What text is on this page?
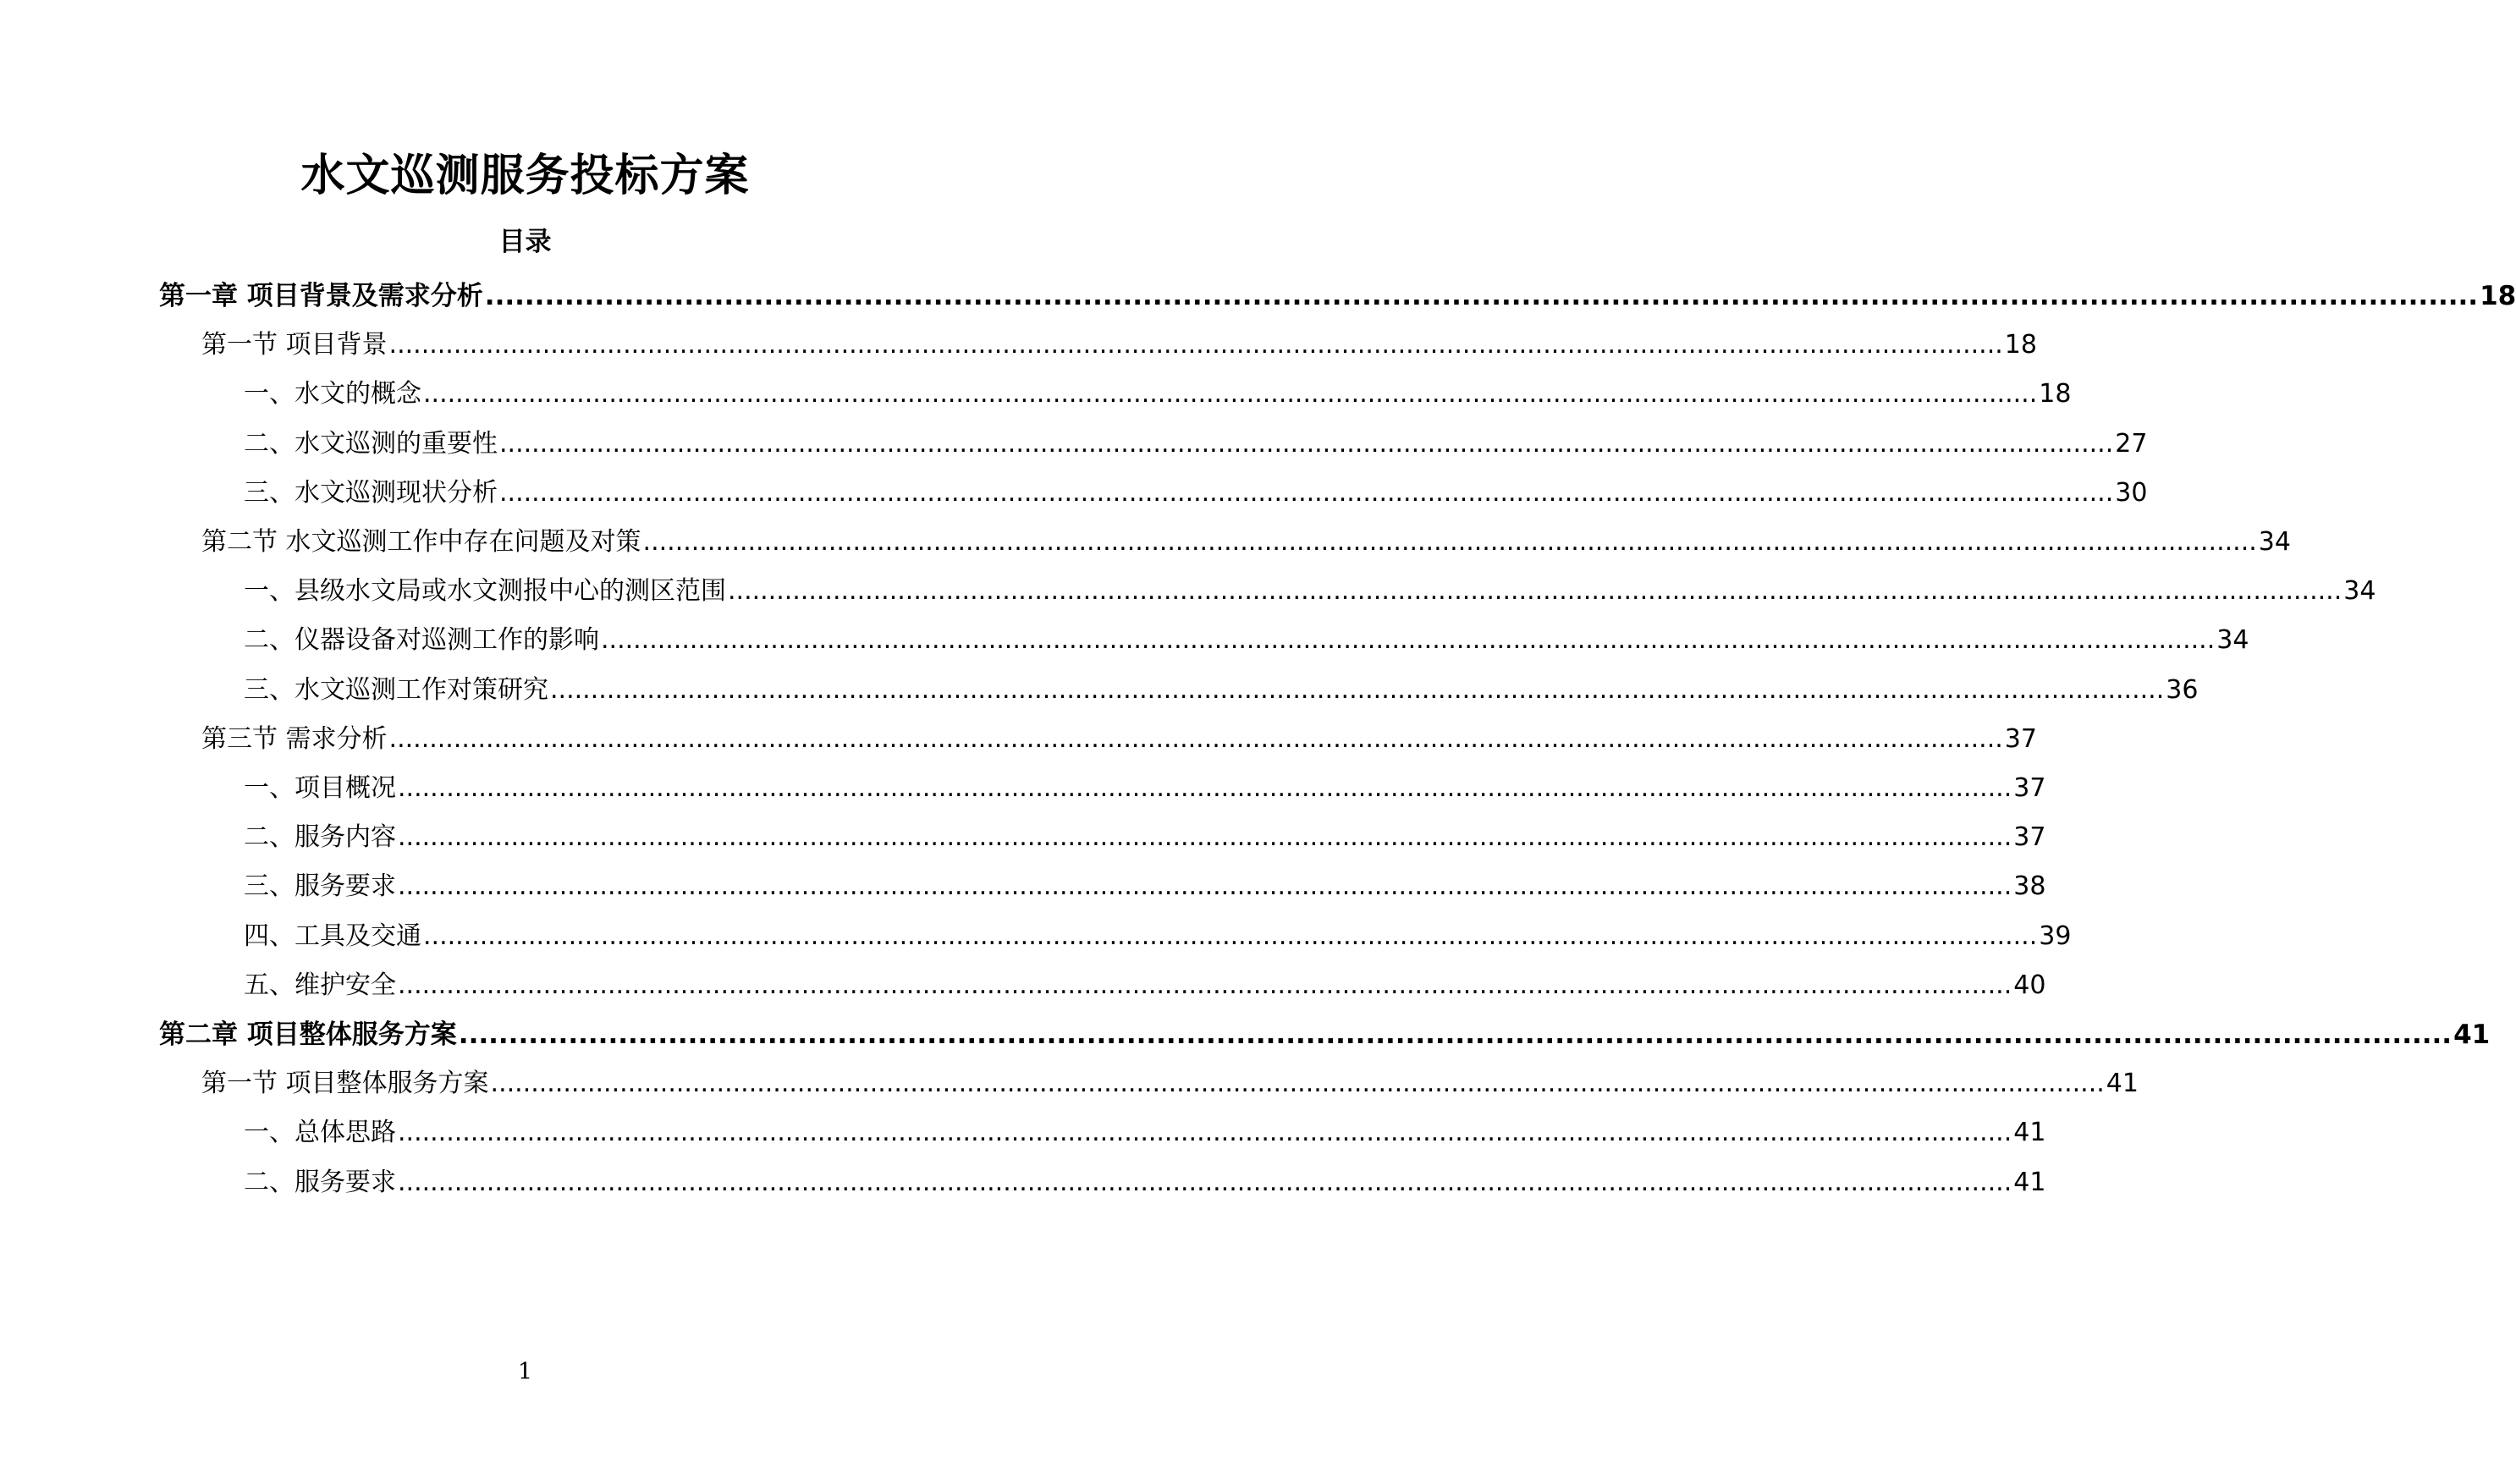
水文巡测服务投标方案
目录
第一章 项目背景及需求分析 ........................................................................................................................................................................................................ 18
第一节 项目背景 ........................................................................................................................................................................................................ 18
一、水文的概念 ........................................................................................................................................................................................................ 18
二、水文巡测的重要性 ........................................................................................................................................................................................................ 27
三、水文巡测现状分析 ........................................................................................................................................................................................................ 30
第二节 水文巡测工作中存在问题及对策 ........................................................................................................................................................................................................ 34
一、县级水文局或水文测报中心的测区范围 ........................................................................................................................................................................................................ 34
二、仪器设备对巡测工作的影响 ........................................................................................................................................................................................................ 34
三、水文巡测工作对策研究 ........................................................................................................................................................................................................ 36
第三节 需求分析 ........................................................................................................................................................................................................ 37
一、项目概况 ........................................................................................................................................................................................................ 37
二、服务内容 ........................................................................................................................................................................................................ 37
三、服务要求 ........................................................................................................................................................................................................ 38
四、工具及交通 ........................................................................................................................................................................................................ 39
五、维护安全 ........................................................................................................................................................................................................ 40
第二章 项目整体服务方案 ........................................................................................................................................................................................................ 41
第一节 项目整体服务方案 ........................................................................................................................................................................................................ 41
一、总体思路 ........................................................................................................................................................................................................ 41
二、服务要求 ........................................................................................................................................................................................................ 41
1
